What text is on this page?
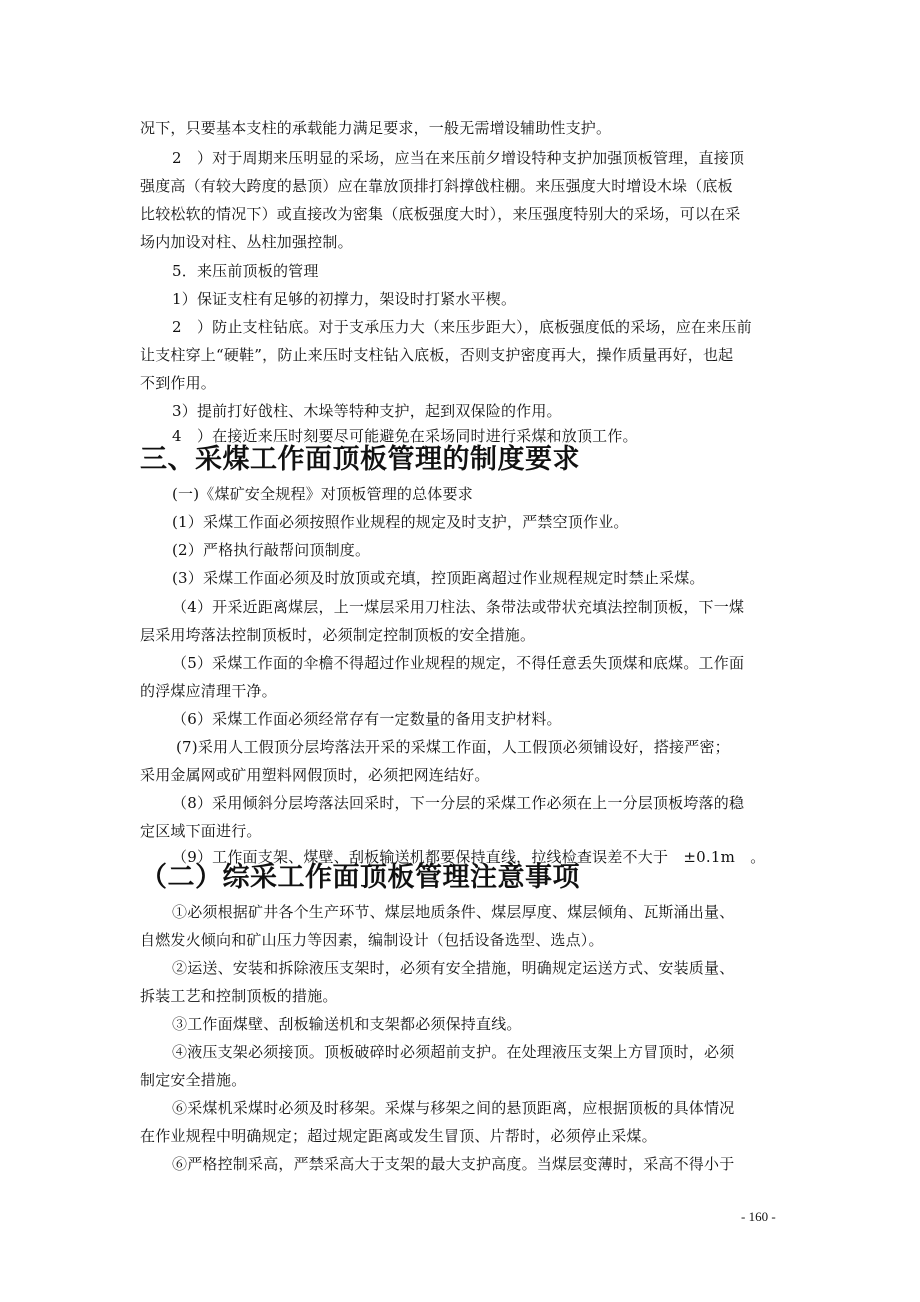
况下，只要基本支柱的承载能力满足要求，一般无需增设辅助性支护。
2　）对于周期来压明显的采场，应当在来压前夕增设特种支护加强顶板管理，直接顶
强度高（有较大跨度的悬顶）应在靠放顶排打斜撑戗柱棚。来压强度大时增设木垛（底板
比较松软的情况下）或直接改为密集（底板强度大时），来压强度特别大的采场，可以在采
场内加设对柱、丛柱加强控制。
5．来压前顶板的管理
1）保证支柱有足够的初撑力，架设时打紧水平楔。
2　）防止支柱钻底。对于支承压力大（来压步距大），底板强度低的采场，应在来压前
让支柱穿上“硬鞋”，防止来压时支柱钻入底板，否则支护密度再大，操作质量再好，也起
不到作用。
3）提前打好戗柱、木垛等特种支护，起到双保险的作用。
4　）在接近来压时刻要尽可能避免在采场同时进行采煤和放顶工作。
三、采煤工作面顶板管理的制度要求
(一)《煤矿安全规程》对顶板管理的总体要求
(1）采煤工作面必须按照作业规程的规定及时支护，严禁空顶作业。
(2）严格执行敲帮问顶制度。
(3）采煤工作面必须及时放顶或充填，控顶距离超过作业规程规定时禁止采煤。
（4）开采近距离煤层，上一煤层采用刀柱法、条带法或带状充填法控制顶板，下一煤
层采用垮落法控制顶板时，必须制定控制顶板的安全措施。
（5）采煤工作面的伞檐不得超过作业规程的规定，不得任意丢失顶煤和底煤。工作面
的浮煤应清理干净。
（6）采煤工作面必须经常存有一定数量的备用支护材料。
(7)采用人工假顶分层垮落法开采的采煤工作面，人工假顶必须铺设好，搭接严密；
采用金属网或矿用塑料网假顶时，必须把网连结好。
（8）采用倾斜分层垮落法回采时，下一分层的采煤工作必须在上一分层顶板垮落的稳
定区域下面进行。
（9）工作面支架、煤壁、刮板输送机都要保持直线，拉线检查误差不大于　±0.1m　。
（二）综采工作面顶板管理注意事项
①必须根据矿井各个生产环节、煤层地质条件、煤层厚度、煤层倾角、瓦斯涌出量、
自燃发火倾向和矿山压力等因素，编制设计（包括设备选型、选点）。
②运送、安装和拆除液压支架时，必须有安全措施，明确规定运送方式、安装质量、
拆装工艺和控制顶板的措施。
③工作面煤壁、刮板输送机和支架都必须保持直线。
④液压支架必须接顶。顶板破碎时必须超前支护。在处理液压支架上方冒顶时，必须
制定安全措施。
⑥采煤机采煤时必须及时移架。采煤与移架之间的悬顶距离，应根据顶板的具体情况
在作业规程中明确规定；超过规定距离或发生冒顶、片帮时，必须停止采煤。
⑥严格控制采高，严禁采高大于支架的最大支护高度。当煤层变薄时，采高不得小于
- 160 -
